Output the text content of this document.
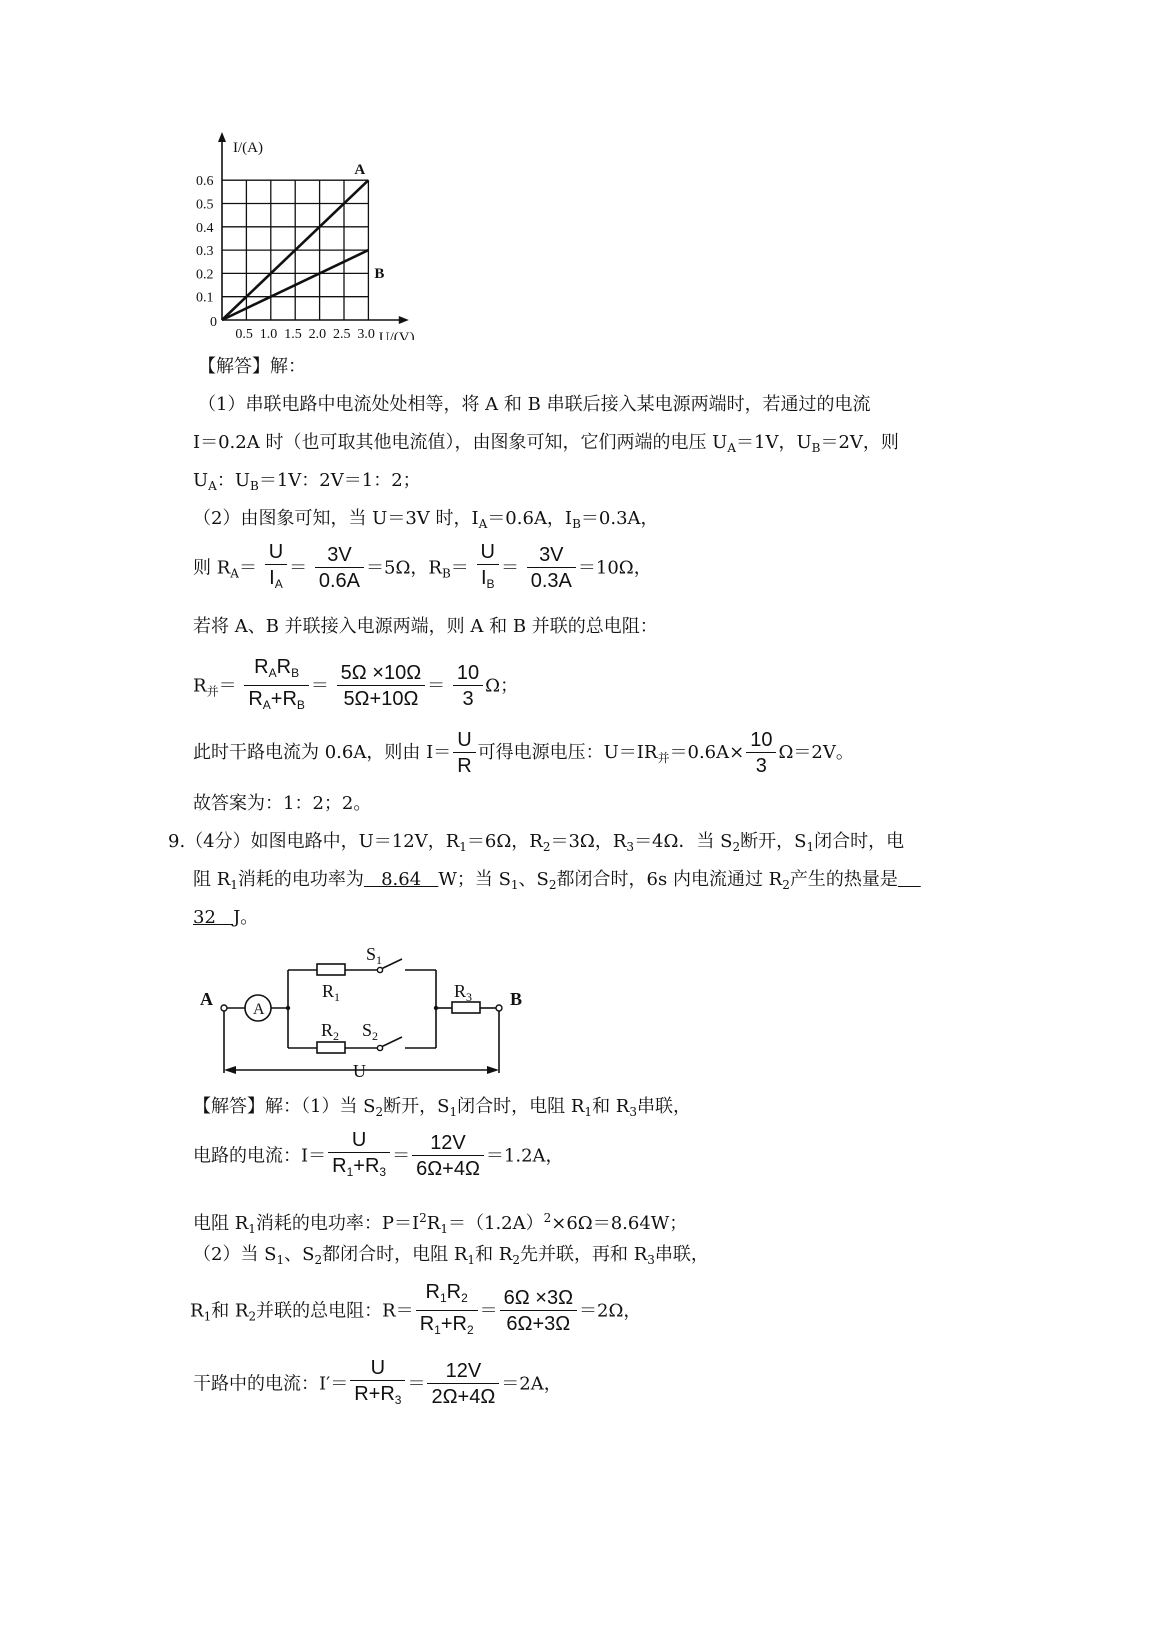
A
B
0.1
0.2
0.3
0.4
0.5
0.6
0.5 1.0 1.5 2.0 2.5 3.0
0
I/(A)
U/(V)
【解答】解：
（1）串联电路中电流处处相等，将 A 和 B 串联后接入某电源两端时，若通过的电流
I＝0.2A 时（也可取其他电流值），由图象可知，它们两端的电压 $U_A=1V$，$U_B=2V$，则
$U_A$：$U_B=1V$：2V＝1：2；
（2）由图象可知，当 U＝3V 时，$I_A=0.6A$，$I_B=0.3A$，
则 $R_A= \frac{U}{I_A} = \frac{3V}{0.6A} =5\Omega$，$R_B= \frac{U}{I_B} = \frac{3V}{0.3A} =10\Omega$，
若将 A、B 并联接入电源两端，则 A 和 B 并联的总电阻：
$R_并= \frac{R_AR_B}{R_A+R_B} = \frac{5\Omega \times 10\Omega}{5\Omega+10\Omega} = \frac{10}{3}$ Ω；
此时干路电流为 0.6A，则由 $I= \frac{U}{R}$ 可得电源电压：$U=IR_并=0.6A\times \frac{10}{3} \Omega=2V$。
故答案为：1：2；2。
9.（4分）如图电路中，U＝12V，$R_1=6\Omega$，$R_2=3\Omega$，$R_3=4\Omega$．当 $S_2$断开，$S_1$闭合时，电
阻 $R_1$消耗的电功率为   8.64   W；当 $S_1$、$S_2$都闭合时，6s 内电流通过 $R_2$产生的热量是
32   J。
A
A
B
$S_1$
$R_1$
$R_2$ $S_2$
$R_3$
U
【解答】解：（1）当 $S_2$断开，$S_1$闭合时，电阻 $R_1$和 $R_3$串联，
电路的电流：$I= \frac{U}{R_1+R_3} = \frac{12V}{6\Omega+4\Omega} =1.2A$，
电阻 $R_1$消耗的电功率：$P=I^2R_1=(1.2A)^2\times 6\Omega=8.64W$；
（2）当 $S_1$、$S_2$都闭合时，电阻 $R_1$和 $R_2$先并联，再和 $R_3$串联，
$R_1$和 $R_2$并联的总电阻：$R= \frac{R_1R_2}{R_1+R_2} = \frac{6\Omega \times 3\Omega}{6\Omega+3\Omega} =2\Omega$，
干路中的电流：$I'= \frac{U}{R+R_3} = \frac{12V}{2\Omega+4\Omega} =2A$，
